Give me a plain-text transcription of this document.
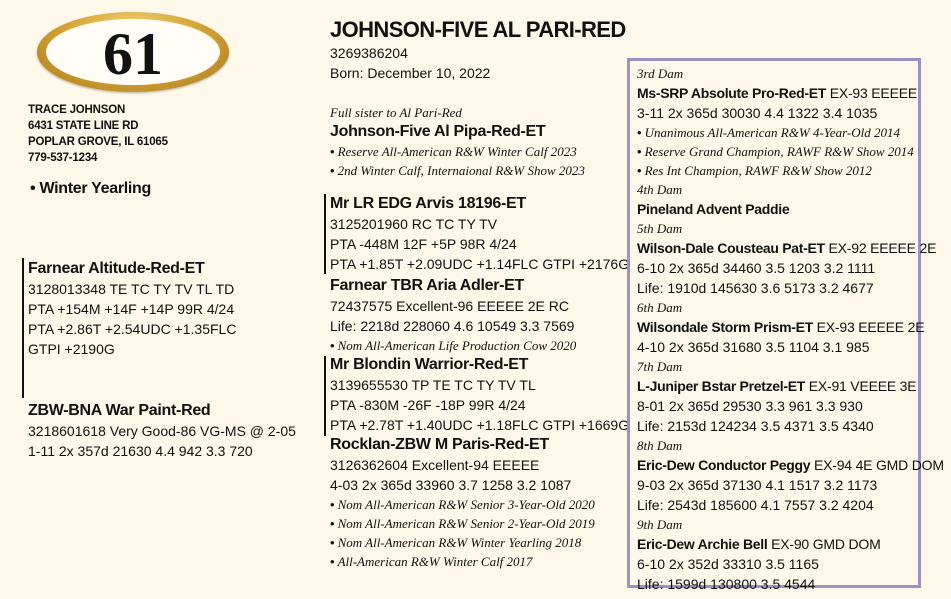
61
TRACE JOHNSON
6431 STATE LINE RD
POPLAR GROVE, IL 61065
779-537-1234
• Winter Yearling
Farnear Altitude-Red-ET
3128013348 TE TC TY TV TL TD
PTA +154M +14F +14P 99R 4/24
PTA +2.86T +2.54UDC +1.35FLC
GTPI +2190G
ZBW-BNA War Paint-Red
3218601618 Very Good-86 VG-MS @ 2-05
1-11 2x 357d 21630 4.4 942 3.3 720
JOHNSON-FIVE AL PARI-RED
3269386204
Born: December 10, 2022
Full sister to Al Pari-Red
Johnson-Five Al Pipa-Red-ET
• Reserve All-American R&W Winter Calf 2023
• 2nd Winter Calf, Internaional R&W Show 2023
Mr LR EDG Arvis 18196-ET
3125201960 RC TC TY TV
PTA -448M 12F +5P 98R 4/24
PTA +1.85T +2.09UDC +1.14FLC GTPI +2176G
Farnear TBR Aria Adler-ET
72437575 Excellent-96 EEEEE 2E RC
Life: 2218d 228060 4.6 10549 3.3 7569
• Nom All-American Life Production Cow 2020
Mr Blondin Warrior-Red-ET
3139655530 TP TE TC TY TV TL
PTA -830M -26F -18P 99R 4/24
PTA +2.78T +1.40UDC +1.18FLC GTPI +1669G
Rocklan-ZBW M Paris-Red-ET
3126362604 Excellent-94 EEEEE
4-03 2x 365d 33960 3.7 1258 3.2 1087
• Nom All-American R&W Senior 3-Year-Old 2020
• Nom All-American R&W Senior 2-Year-Old 2019
• Nom All-American R&W Winter Yearling 2018
• All-American R&W Winter Calf 2017
3rd Dam
Ms-SRP Absolute Pro-Red-ET EX-93 EEEEE
3-11 2x 365d 30030 4.4 1322 3.4 1035
• Unanimous All-American R&W 4-Year-Old 2014
• Reserve Grand Champion, RAWF R&W Show 2014
• Res Int Champion, RAWF R&W Show 2012
4th Dam
Pineland Advent Paddie
5th Dam
Wilson-Dale Cousteau Pat-ET EX-92 EEEEE 2E
6-10 2x 365d 34460 3.5 1203 3.2 1111
Life: 1910d 145630 3.6 5173 3.2 4677
6th Dam
Wilsondale Storm Prism-ET EX-93 EEEEE 2E
4-10 2x 365d 31680 3.5 1104 3.1 985
7th Dam
L-Juniper Bstar Pretzel-ET EX-91 VEEEE 3E
8-01 2x 365d 29530 3.3 961 3.3 930
Life: 2153d 124234 3.5 4371 3.5 4340
8th Dam
Eric-Dew Conductor Peggy EX-94 4E GMD DOM
9-03 2x 365d 37130 4.1 1517 3.2 1173
Life: 2543d 185600 4.1 7557 3.2 4204
9th Dam
Eric-Dew Archie Bell EX-90 GMD DOM
6-10 2x 352d 33310 3.5 1165
Life: 1599d 130800 3.5 4544
